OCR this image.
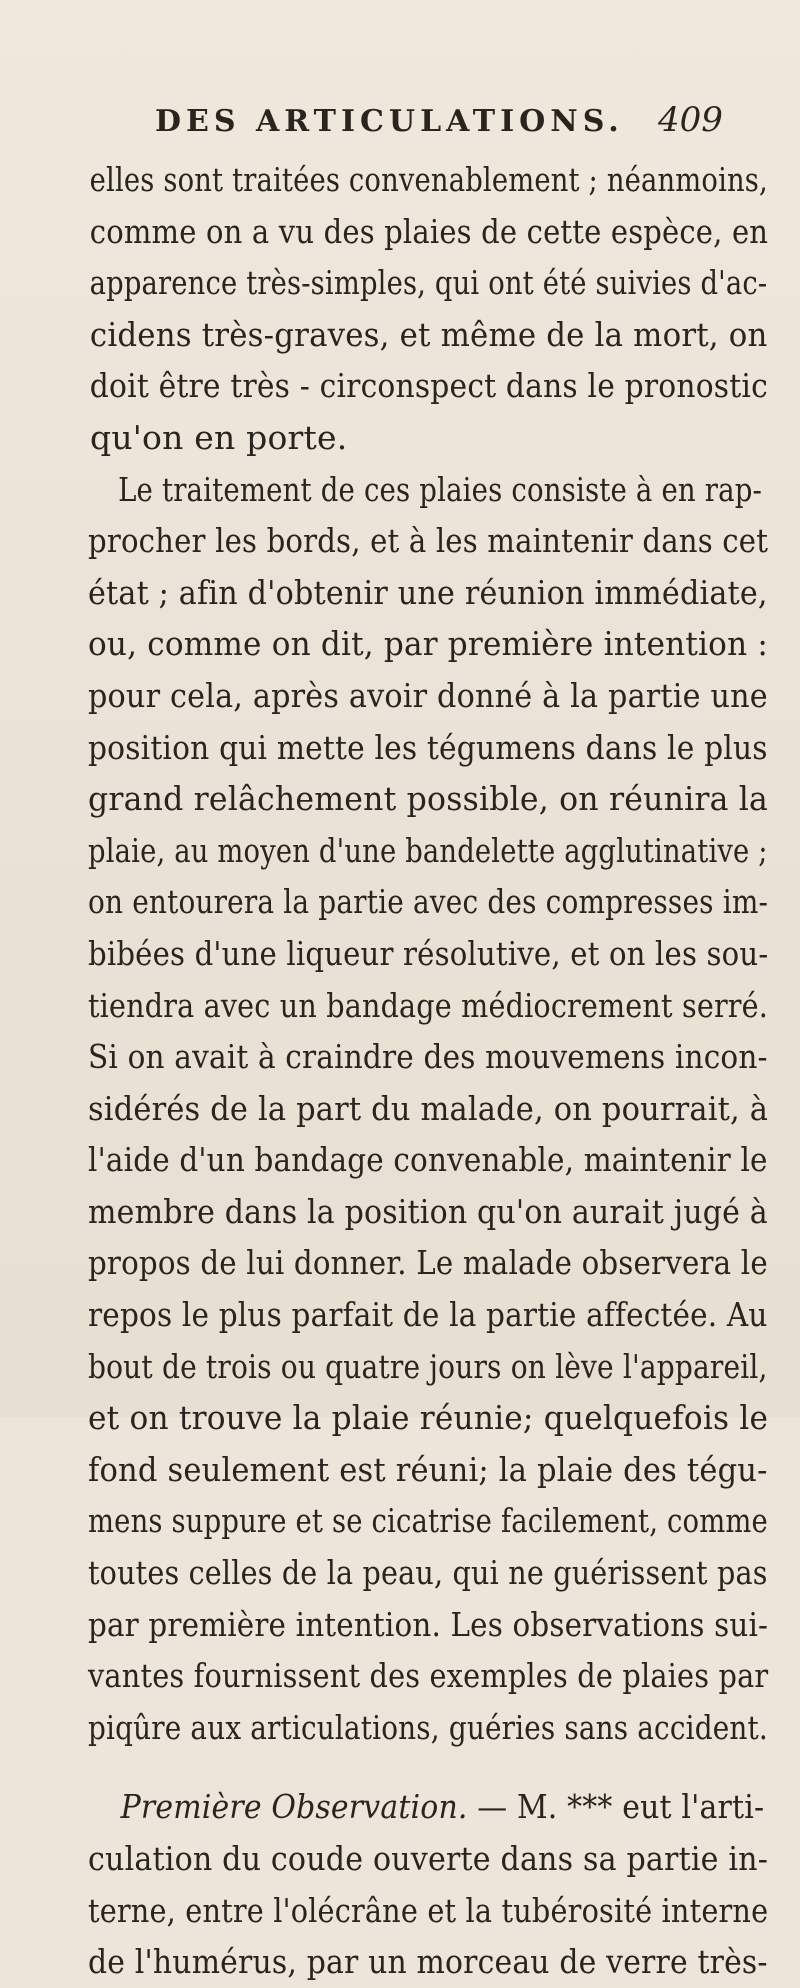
DES ARTICULATIONS. 409
elles sont traitées convenablement ; néanmoins,
comme on a vu des plaies de cette espèce, en
apparence très-simples, qui ont été suivies d'ac-
cidens très-graves, et même de la mort, on
doit être très - circonspect dans le pronostic
qu'on en porte.
Le traitement de ces plaies consiste à en rap-
procher les bords, et à les maintenir dans cet
état ; afin d'obtenir une réunion immédiate,
ou, comme on dit, par première intention :
pour cela, après avoir donné à la partie une
position qui mette les tégumens dans le plus
grand relâchement possible, on réunira la
plaie, au moyen d'une bandelette agglutinative ;
on entourera la partie avec des compresses im-
bibées d'une liqueur résolutive, et on les sou-
tiendra avec un bandage médiocrement serré.
Si on avait à craindre des mouvemens incon-
sidérés de la part du malade, on pourrait, à
l'aide d'un bandage convenable, maintenir le
membre dans la position qu'on aurait jugé à
propos de lui donner. Le malade observera le
repos le plus parfait de la partie affectée. Au
bout de trois ou quatre jours on lève l'appareil,
et on trouve la plaie réunie; quelquefois le
fond seulement est réuni; la plaie des tégu-
mens suppure et se cicatrise facilement, comme
toutes celles de la peau, qui ne guérissent pas
par première intention. Les observations sui-
vantes fournissent des exemples de plaies par
piqûre aux articulations, guéries sans accident.
Première Observation. — M. *** eut l'arti-
culation du coude ouverte dans sa partie in-
terne, entre l'olécrâne et la tubérosité interne
de l'humérus, par un morceau de verre très-
